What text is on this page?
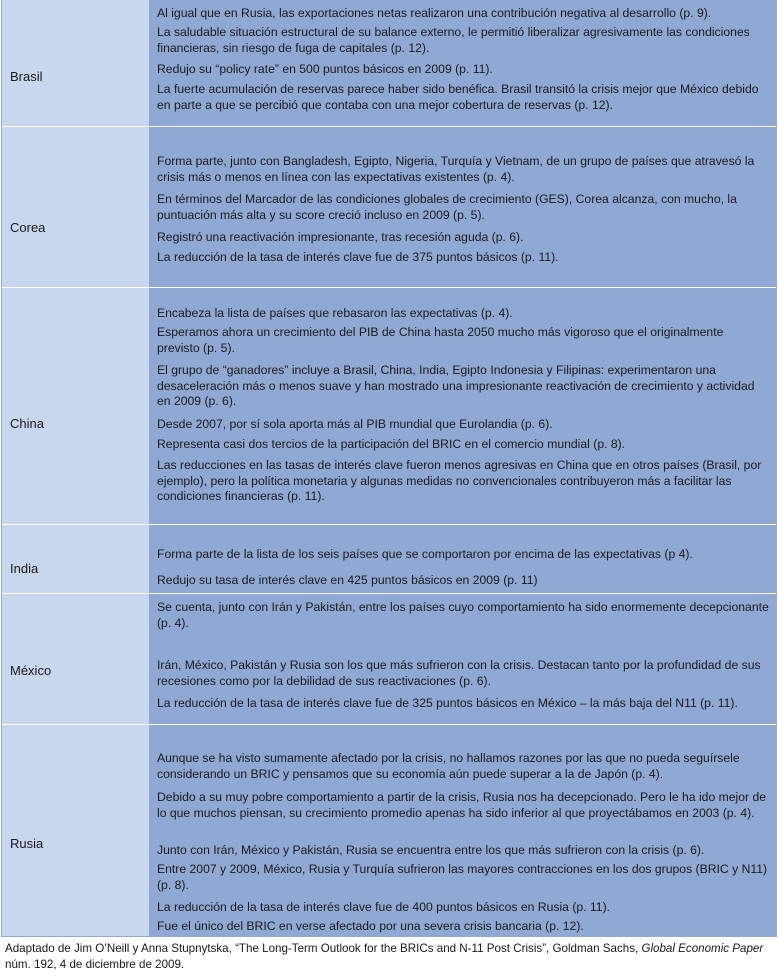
Brasil
Al igual que en Rusia, las exportaciones netas realizaron una contribución negativa al desarrollo (p. 9).
La saludable situación estructural de su balance externo, le permitió liberalizar agresivamente las condiciones financieras, sin riesgo de fuga de capitales (p. 12).
Redujo su “policy rate” en 500 puntos básicos en 2009 (p. 11).
La fuerte acumulación de reservas parece haber sido benéfica. Brasil transitó la crisis mejor que México debido en parte a que se percibió que contaba con una mejor cobertura de reservas (p. 12).
Corea
Forma parte, junto con Bangladesh, Egipto, Nigeria, Turquía y Vietnam, de un grupo de países que atravesó la crisis más o menos en línea con las expectativas existentes (p. 4).
En términos del Marcador de las condiciones globales de crecimiento (GES), Corea alcanza, con mucho, la puntuación más alta y su score creció incluso en 2009 (p. 5).
Registró una reactivación impresionante, tras recesión aguda (p. 6).
La reducción de la tasa de interés clave fue de 375 puntos básicos (p. 11).
China
Encabeza la lista de países que rebasaron las expectativas (p. 4).
Esperamos ahora un crecimiento del PIB de China hasta 2050 mucho más vigoroso que el originalmente previsto (p. 5).
El grupo de “ganadores” incluye a Brasil, China, India, Egipto Indonesia y Filipinas: experimentaron una desaceleración más o menos suave y han mostrado una impresionante reactivación de crecimiento y actividad en 2009 (p. 6).
Desde 2007, por sí sola aporta más al PIB mundial que Eurolandia (p. 6).
Representa casi dos tercios de la participación del BRIC en el comercio mundial (p. 8).
Las reducciones en las tasas de interés clave fueron menos agresivas en China que en otros países (Brasil, por ejemplo), pero la política monetaria y algunas medidas no convencionales contribuyeron más a facilitar las condiciones financieras (p. 11).
India
Forma parte de la lista de los seis países que se comportaron por encima de las expectativas (p 4).
Redujo su tasa de interés clave en 425 puntos básicos en 2009 (p. 11)
México
Se cuenta, junto con Irán y Pakistán, entre los países cuyo comportamiento ha sido enormemente decepcionante (p. 4).
Irán, México, Pakistán y Rusia son los que más sufrieron con la crisis. Destacan tanto por la profundidad de sus recesiones como por la debilidad de sus reactivaciones (p. 6).
La reducción de la tasa de interés clave fue de 325 puntos básicos en México – la más baja del N11 (p. 11).
Rusia
Aunque se ha visto sumamente afectado por la crisis, no hallamos razones por las que no pueda seguírsele considerando un BRIC y pensamos que su economía aún puede superar a la de Japón (p. 4).
Debido a su muy pobre comportamiento a partir de la crisis, Rusia nos ha decepcionado. Pero le ha ido mejor de lo que muchos piensan, su crecimiento promedio apenas ha sido inferior al que proyectábamos en 2003 (p. 4).
Junto con Irán, México y Pakistán, Rusia se encuentra entre los que más sufrieron con la crisis (p. 6).
Entre 2007 y 2009, México, Rusia y Turquía sufrieron las mayores contracciones en los dos grupos (BRIC y N11) (p. 8).
La reducción de la tasa de interés clave fue de 400 puntos básicos en Rusia (p. 11).
Fue el único del BRIC en verse afectado por una severa crisis bancaria (p. 12).
Adaptado de Jim O’Neill y Anna Stupnytska, “The Long-Term Outlook for the BRICs and N-11 Post Crisis”, Goldman Sachs, Global Economic Paper núm. 192, 4 de diciembre de 2009.
